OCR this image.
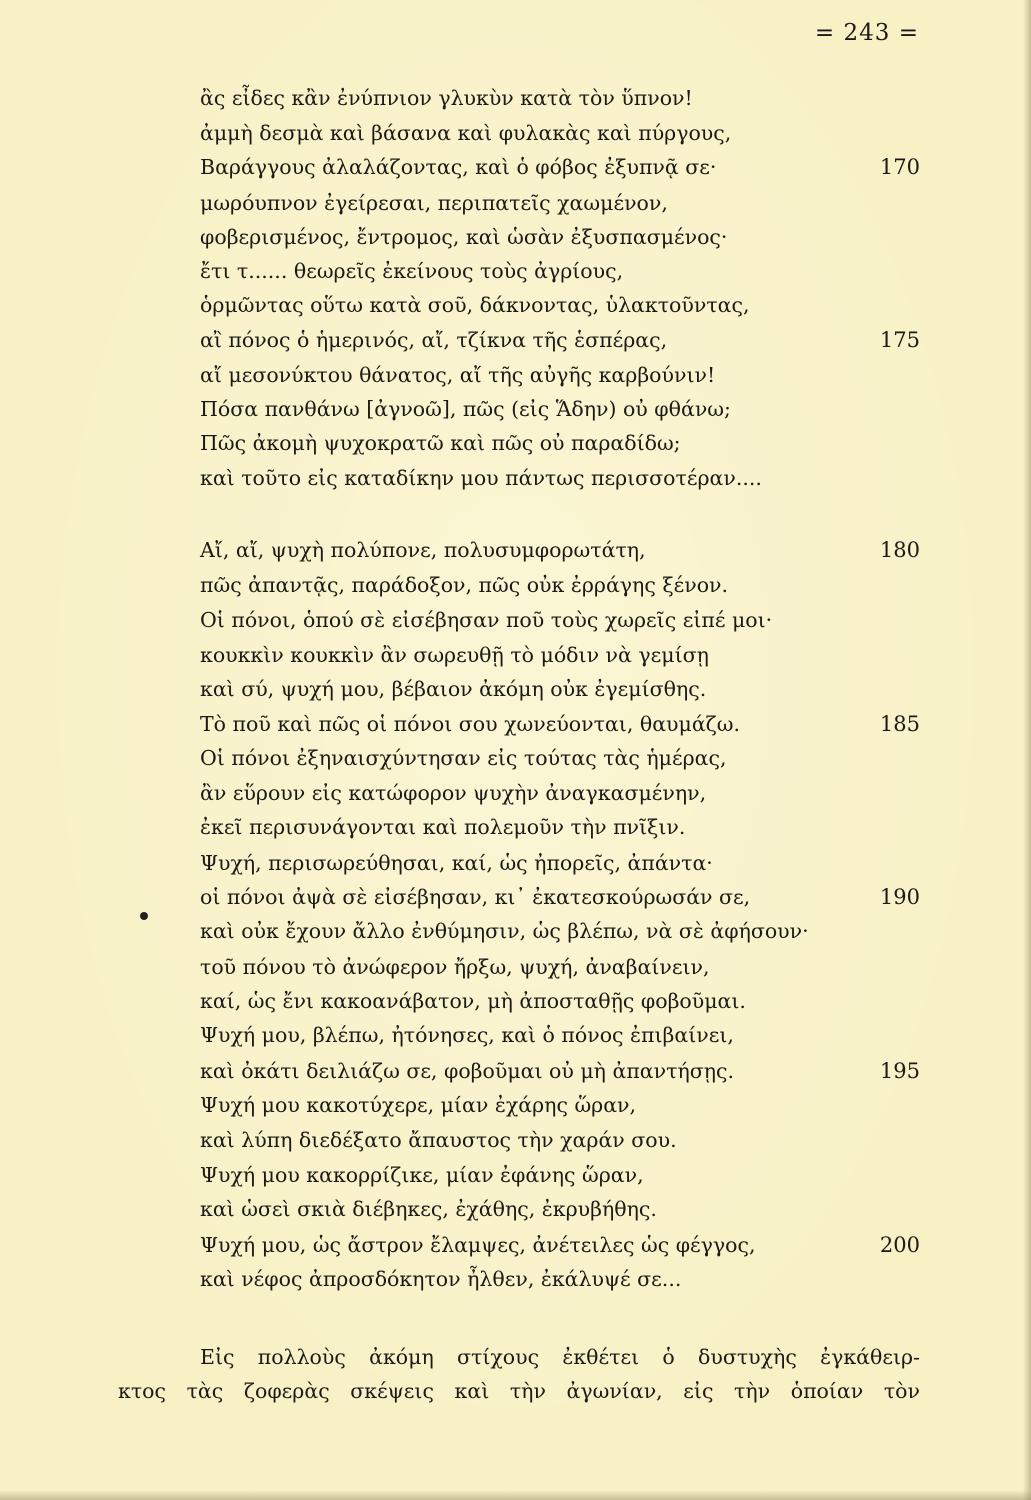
= 243 =
ἂς εἶδες κἂν ἐνύπνιον γλυκὺν κατὰ τὸν ὕπνον!
ἀμμὴ δεσμὰ καὶ βάσανα καὶ φυλακὰς καὶ πύργους,
Βαράγγους ἀλαλάζοντας, καὶ ὁ φόβος ἐξυπνᾷ σε·
μωρόυπνον ἐγείρεσαι, περιπατεῖς χαωμένον,
φοβερισμένος, ἔντρομος, καὶ ὡσὰν ἐξυσπασμένος·
ἔτι τ...... θεωρεῖς ἐκείνους τοὺς ἀγρίους,
ὁρμῶντας οὕτω κατὰ σοῦ, δάκνοντας, ὑλακτοῦντας,
αἲ πόνος ὁ ἡμερινός, αἴ, τζίκνα τῆς ἑσπέρας,
αἴ μεσονύκτου θάνατος, αἴ τῆς αὐγῆς καρβούνιν!
Πόσα πανθάνω [ἀγνοῶ], πῶς (εἰς Ἅδην) οὐ φθάνω;
Πῶς ἀκομὴ ψυχοκρατῶ καὶ πῶς οὐ παραδίδω;
καὶ τοῦτο εἰς καταδίκην μου πάντως περισσοτέραν....
Αἴ, αἴ, ψυχὴ πολύπονε, πολυσυμφορωτάτη,
πῶς ἀπαντᾷς, παράδοξον, πῶς οὐκ ἐρράγης ξένον.
Οἱ πόνοι, ὁπού σὲ εἰσέβησαν ποῦ τοὺς χωρεῖς εἰπέ μοι·
κουκκὶν κουκκὶν ἂν σωρευθῇ τὸ μόδιν νὰ γεμίσῃ
καὶ σύ, ψυχή μου, βέβαιον ἀκόμη οὐκ ἐγεμίσθης.
Τὸ ποῦ καὶ πῶς οἱ πόνοι σου χωνεύονται, θαυμάζω.
Οἱ πόνοι ἐξηναισχύντησαν εἰς τούτας τὰς ἡμέρας,
ἂν εὕρουν εἰς κατώφορον ψυχὴν ἀναγκασμένην,
ἐκεῖ περισυνάγονται καὶ πολεμοῦν τὴν πνῖξιν.
Ψυχή, περισωρεύθησαι, καί, ὡς ἠπορεῖς, ἀπάντα·
οἱ πόνοι ἀψὰ σὲ εἰσέβησαν, κι᾿ ἐκατεσκούρωσάν σε,
καὶ οὐκ ἔχουν ἄλλο ἐνθύμησιν, ὡς βλέπω, νὰ σὲ ἀφήσουν·
τοῦ πόνου τὸ ἀνώφερον ἤρξω, ψυχή, ἀναβαίνειν,
καί, ὡς ἔνι κακοανάβατον, μὴ ἀποσταθῇς φοβοῦμαι.
Ψυχή μου, βλέπω, ἠτόνησες, καὶ ὁ πόνος ἐπιβαίνει,
καὶ ὀκάτι δειλιάζω σε, φοβοῦμαι οὐ μὴ ἀπαντήσῃς.
Ψυχή μου κακοτύχερε, μίαν ἐχάρης ὥραν,
καὶ λύπη διεδέξατο ἄπαυστος τὴν χαράν σου.
Ψυχή μου κακορρίζικε, μίαν ἐφάνης ὥραν,
καὶ ὡσεὶ σκιὰ διέβηκες, ἐχάθης, ἐκρυβήθης.
Ψυχή μου, ὡς ἄστρον ἔλαμψες, ἀνέτειλες ὡς φέγγος,
καὶ νέφος ἀπροσδόκητον ἦλθεν, ἐκάλυψέ σε...
170
175
180
185
190
195
200
Εἰς πολλοὺς ἀκόμη στίχους ἐκθέτει ὁ δυστυχὴς ἐγκάθειρ-
κτος τὰς ζοφερὰς σκέψεις καὶ τὴν ἀγωνίαν, εἰς τὴν ὁποίαν τὸν
